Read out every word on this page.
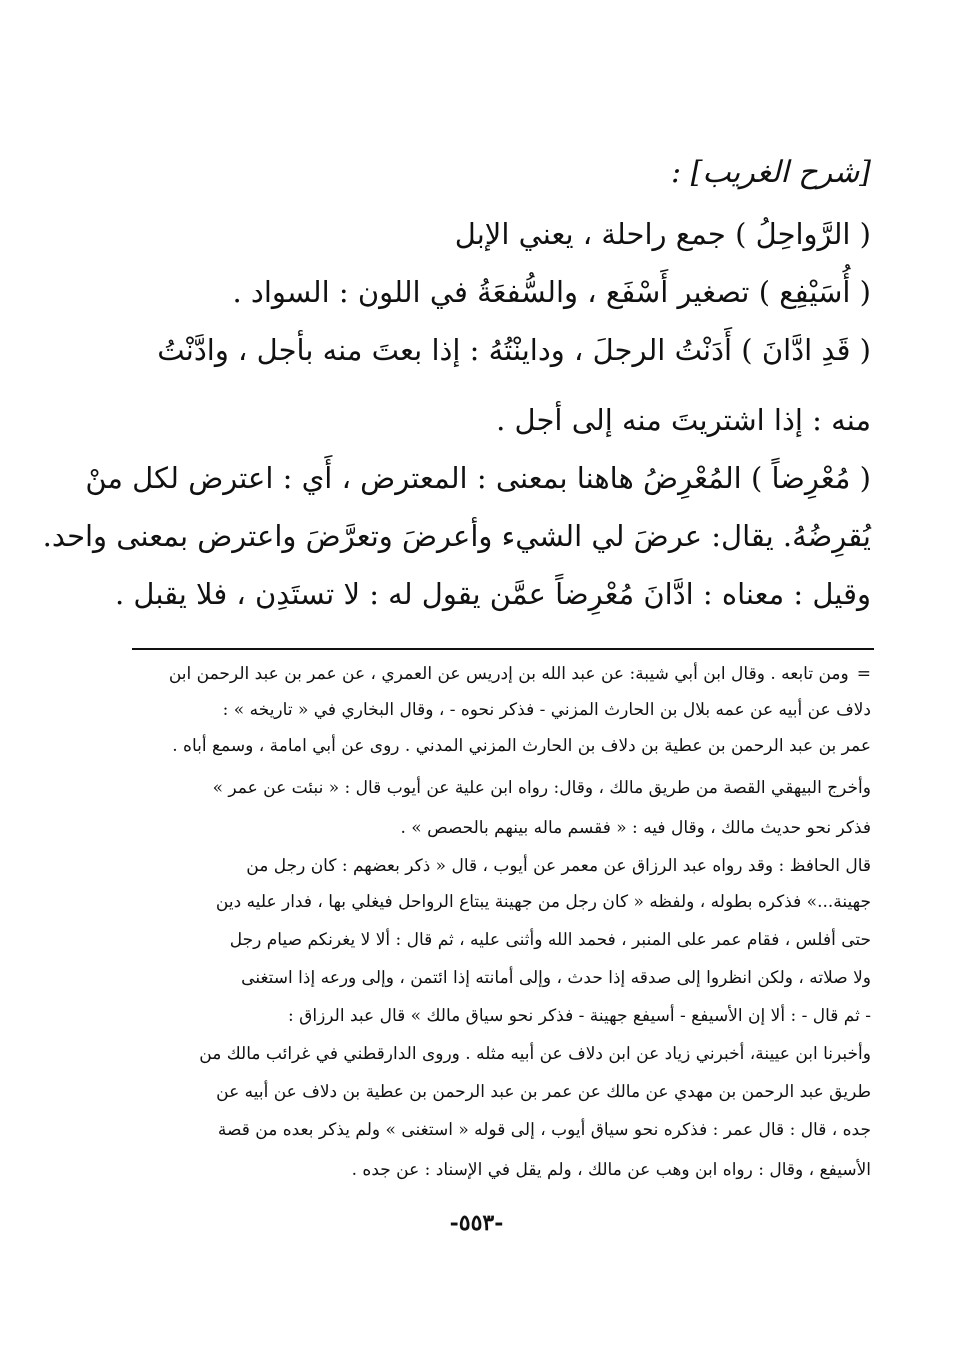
[شرح الغريب] :
( الرَّواحِلُ ) جمع راحلة ، يعني الإبل
( أُسَيْفِع ) تصغير أَسْفَع ، والسُّفعَةُ في اللون : السواد .
( قَدِ ادَّانَ ) أَدَنْتُ الرجلَ ، وداينْتُهُ : إذا بعتَ منه بأجل ، وادَّنْتُ
منه : إذا اشتريتَ منه إلى أجل .
( مُعْرِضاً ) المُعْرِضُ هاهنا بمعنى : المعترض ، أَي : اعترض لكل منْ
يُقرِضُهُ. يقال: عرضَ لي الشيء وأعرضَ وتعرَّضَ واعترض بمعنى واحد.
وقيل : معناه : ادَّانَ مُعْرِضاً عمَّن يقول له : لا تستَدِن ، فلا يقبل .
=ومن تابعه . وقال ابن أبي شيبة: عن عبد الله بن إدريس عن العمري ، عن عمر بن عبد الرحمن ابن
دلاف عن أبيه عن عمه بلال بن الحارث المزني - فذكر نحوه - ، وقال البخاري في « تاريخه » :
عمر بن عبد الرحمن بن عطية بن دلاف بن الحارث المزني المدني . روى عن أبي امامة ، وسمع أباه .
وأخرج البيهقي القصة من طريق مالك ، وقال: رواه ابن علية عن أيوب قال : « نبئت عن عمر »
فذكر نحو حديث مالك ، وقال فيه : « فقسم ماله بينهم بالحصص » .
قال الحافظ : وقد رواه عبد الرزاق عن معمر عن أيوب ، قال « ذكر بعضهم : كان رجل من
جهينة...» فذكره بطوله ، ولفظه « كان رجل من جهينة يبتاع الرواحل فيغلي بها ، فدار عليه دين
حتى أفلس ، فقام عمر على المنبر ، فحمد الله وأثنى عليه ، ثم قال : ألا لا يغرنكم صيام رجل
ولا صلاته ، ولكن انظروا إلى صدقه إذا حدث ، وإلى أمانته إذا ائتمن ، وإلى ورعه إذا استغنى
- ثم قال - : ألا إن الأسيفع - أسيفع جهينة - فذكر نحو سياق مالك » قال عبد الرزاق :
وأخبرنا ابن عيينة، أخبرني زياد عن ابن دلاف عن أبيه مثله . وروى الدارقطني في غرائب مالك من
طريق عبد الرحمن بن مهدي عن مالك عن عمر بن عبد الرحمن بن عطية بن دلاف عن أبيه عن
جده ، قال : قال عمر : فذكره نحو سياق أيوب ، إلى قوله « استغنى » ولم يذكر بعده من قصة
الأسيفع ، وقال : رواه ابن وهب عن مالك ، ولم يقل في الإسناد : عن جده .
-٥٥٣-
